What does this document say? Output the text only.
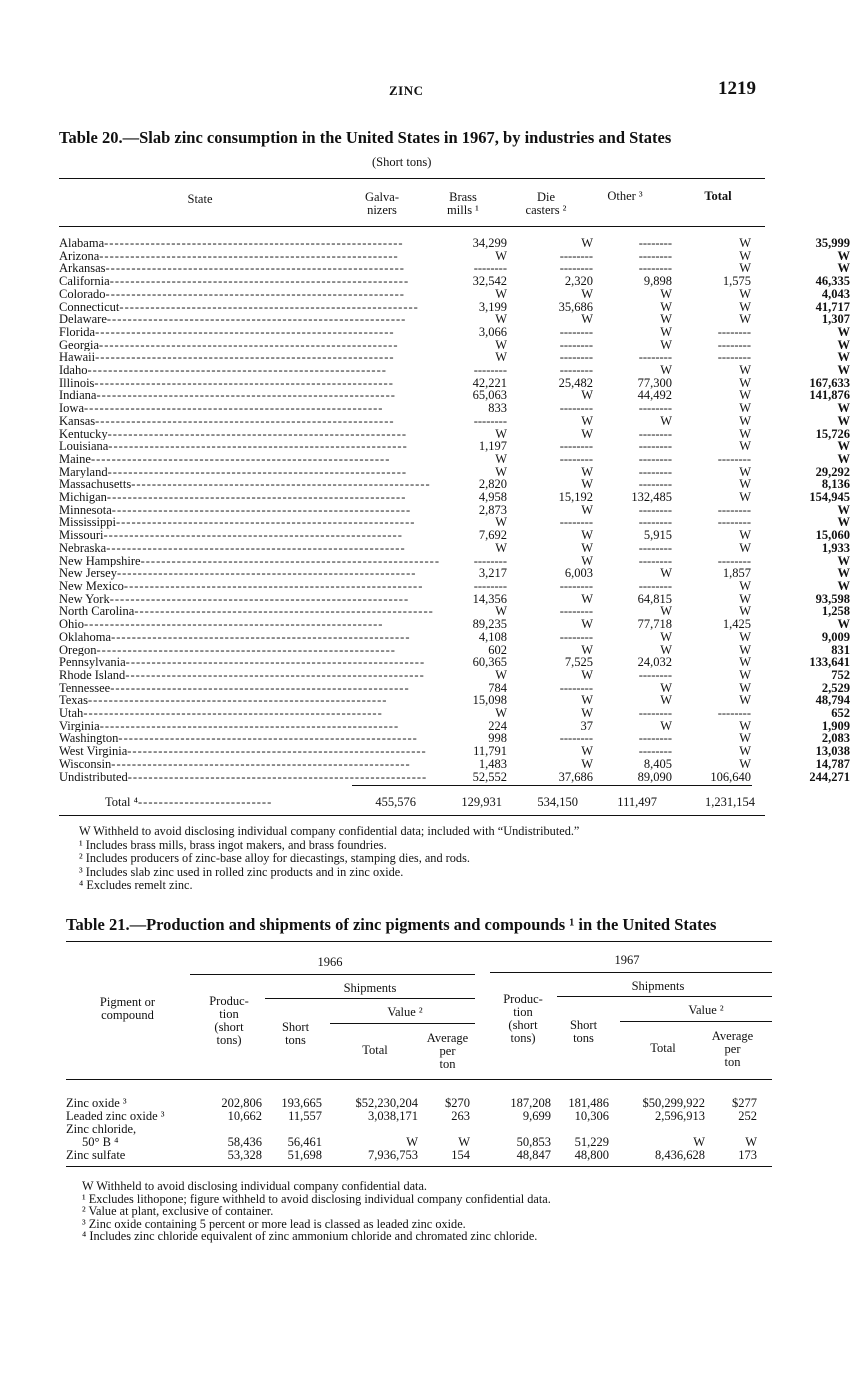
ZINC	1219
Table 20.—Slab zinc consumption in the United States in 1967, by industries and States
(Short tons)
State	Galva-
nizers
Brass
mills ¹
Die
casters ²
Other ³	Total
Alabama----------------------------------------------------------	34,299	W	--------	W	35,999
Arizona----------------------------------------------------------	W	--------	--------	W	W
Arkansas----------------------------------------------------------	--------	--------	--------	W	W
California----------------------------------------------------------	32,542	2,320	9,898	1,575	46,335
Colorado----------------------------------------------------------	W	W	W	W	4,043
Connecticut----------------------------------------------------------	3,199	35,686	W	W	41,717
Delaware----------------------------------------------------------	W	W	W	W	1,307
Florida----------------------------------------------------------	3,066	--------	W	--------	W
Georgia----------------------------------------------------------	W	--------	W	--------	W
Hawaii----------------------------------------------------------	W	--------	--------	--------	W
Idaho----------------------------------------------------------	--------	--------	W	W	W
Illinois----------------------------------------------------------	42,221	25,482	77,300	W	167,633
Indiana----------------------------------------------------------	65,063	W	44,492	W	141,876
Iowa----------------------------------------------------------	833	--------	--------	W	W
Kansas----------------------------------------------------------	--------	W	W	W	W
Kentucky----------------------------------------------------------	W	W	--------	W	15,726
Louisiana----------------------------------------------------------	1,197	--------	--------	W	W
Maine----------------------------------------------------------	W	--------	--------	--------	W
Maryland----------------------------------------------------------	W	W	--------	W	29,292
Massachusetts----------------------------------------------------------	2,820	W	--------	W	8,136
Michigan----------------------------------------------------------	4,958	15,192	132,485	W	154,945
Minnesota----------------------------------------------------------	2,873	W	--------	--------	W
Mississippi----------------------------------------------------------	W	--------	--------	--------	W
Missouri----------------------------------------------------------	7,692	W	5,915	W	15,060
Nebraska----------------------------------------------------------	W	W	--------	W	1,933
New Hampshire----------------------------------------------------------	--------	W	--------	--------	W
New Jersey----------------------------------------------------------	3,217	6,003	W	1,857	W
New Mexico----------------------------------------------------------	--------	--------	--------	W	W
New York----------------------------------------------------------	14,356	W	64,815	W	93,598
North Carolina----------------------------------------------------------	W	--------	W	W	1,258
Ohio----------------------------------------------------------	89,235	W	77,718	1,425	W
Oklahoma----------------------------------------------------------	4,108	--------	W	W	9,009
Oregon----------------------------------------------------------	602	W	W	W	831
Pennsylvania----------------------------------------------------------	60,365	7,525	24,032	W	133,641
Rhode Island----------------------------------------------------------	W	W	--------	W	752
Tennessee----------------------------------------------------------	784	--------	W	W	2,529
Texas----------------------------------------------------------	15,098	W	W	W	48,794
Utah----------------------------------------------------------	W	W	--------	--------	652
Virginia----------------------------------------------------------	224	37	W	W	1,909
Washington----------------------------------------------------------	998	--------	--------	W	2,083
West Virginia----------------------------------------------------------	11,791	W	--------	W	13,038
Wisconsin----------------------------------------------------------	1,483	W	8,405	W	14,787
Undistributed----------------------------------------------------------	52,552	37,686	89,090	106,640	244,271
Total ⁴--------------------------	455,576	129,931	534,150	111,497	1,231,154
W Withheld to avoid disclosing individual company confidential data; included with “Undistributed.”
¹ Includes brass mills, brass ingot makers, and brass foundries.
² Includes producers of zinc-base alloy for diecastings, stamping dies, and rods.
³ Includes slab zinc used in rolled zinc products and in zinc oxide.
⁴ Excludes remelt zinc.
Table 21.—Production and shipments of zinc pigments and compounds ¹ in the United States
1966	1967
Pigment or
compound
Produc-
tion
(short
tons)
Shipments
Short
tons
Value ²
Total
Average
per
ton
Produc-
tion
(short
tons)
Shipments
Short
tons
Value ²
Total
Average
per
ton
Zinc oxide ³	202,806	193,665	$52,230,204	$270	187,208	181,486	$50,299,922	$277
Leaded zinc oxide ³	10,662	11,557	3,038,171	263	9,699	10,306	2,596,913	252
Zinc chloride,
50° B ⁴	58,436	56,461	W	W	50,853	51,229	W	W
Zinc sulfate	53,328	51,698	7,936,753	154	48,847	48,800	8,436,628	173
W Withheld to avoid disclosing individual company confidential data.
¹ Excludes lithopone; figure withheld to avoid disclosing individual company confidential data.
² Value at plant, exclusive of container.
³ Zinc oxide containing 5 percent or more lead is classed as leaded zinc oxide.
⁴ Includes zinc chloride equivalent of zinc ammonium chloride and chromated zinc chloride.
